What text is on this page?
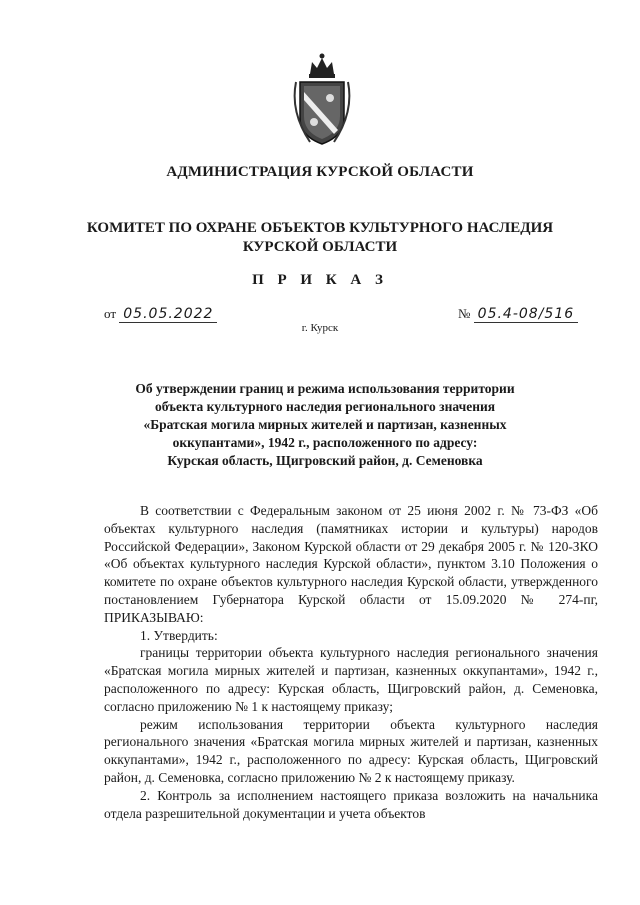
АДМИНИСТРАЦИЯ КУРСКОЙ ОБЛАСТИ
КОМИТЕТ ПО ОХРАНЕ ОБЪЕКТОВ КУЛЬТУРНОГО НАСЛЕДИЯ
КУРСКОЙ ОБЛАСТИ
П Р И К А З
от 05.05.2022	№ 05.4-08/516
г. Курск
Об утверждении границ и режима использования территории
объекта культурного наследия регионального значения
«Братская могила мирных жителей и партизан, казненных
оккупантами», 1942 г., расположенного по адресу:
Курская область, Щигровский район, д. Семеновка

В соответствии с Федеральным законом от 25 июня 2002 г. № 73-ФЗ «Об объектах культурного наследия (памятниках истории и культуры) народов Российской Федерации», Законом Курской области от 29 декабря 2005 г. № 120-ЗКО «Об объектах культурного наследия Курской области», пунктом 3.10 Положения о комитете по охране объектов культурного наследия Курской области, утвержденного постановлением Губернатора Курской области от 15.09.2020 № 274-пг, ПРИКАЗЫВАЮ:

1. Утвердить:

границы территории объекта культурного наследия регионального значения «Братская могила мирных жителей и партизан, казненных оккупантами», 1942 г., расположенного по адресу: Курская область, Щигровский район, д. Семеновка, согласно приложению № 1 к настоящему приказу;

режим использования территории объекта культурного наследия регионального значения «Братская могила мирных жителей и партизан, казненных оккупантами», 1942 г., расположенного по адресу: Курская область, Щигровский район, д. Семеновка, согласно приложению № 2 к настоящему приказу.

2. Контроль за исполнением настоящего приказа возложить на начальника отдела разрешительной документации и учета объектов
